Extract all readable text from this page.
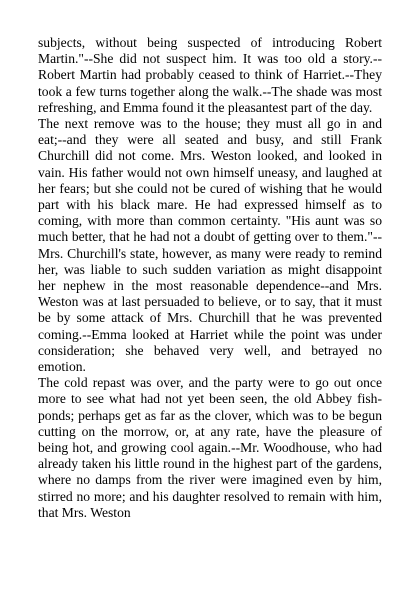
subjects, without being suspected of introducing Robert Martin."--She did not suspect him. It was too old a story.--Robert Martin had probably ceased to think of Harriet.--They took a few turns together along the walk.--The shade was most refreshing, and Emma found it the pleasantest part of the day.

The next remove was to the house; they must all go in and eat;--and they were all seated and busy, and still Frank Churchill did not come. Mrs. Weston looked, and looked in vain. His father would not own himself uneasy, and laughed at her fears; but she could not be cured of wishing that he would part with his black mare. He had expressed himself as to coming, with more than common certainty. "His aunt was so much better, that he had not a doubt of getting over to them."--Mrs. Churchill's state, however, as many were ready to remind her, was liable to such sudden variation as might disappoint her nephew in the most reasonable dependence--and Mrs. Weston was at last persuaded to believe, or to say, that it must be by some attack of Mrs. Churchill that he was prevented coming.--Emma looked at Harriet while the point was under consideration; she behaved very well, and betrayed no emotion.

The cold repast was over, and the party were to go out once more to see what had not yet been seen, the old Abbey fish-ponds; perhaps get as far as the clover, which was to be begun cutting on the morrow, or, at any rate, have the pleasure of being hot, and growing cool again.--Mr. Woodhouse, who had already taken his little round in the highest part of the gardens, where no damps from the river were imagined even by him, stirred no more; and his daughter resolved to remain with him, that Mrs. Weston
